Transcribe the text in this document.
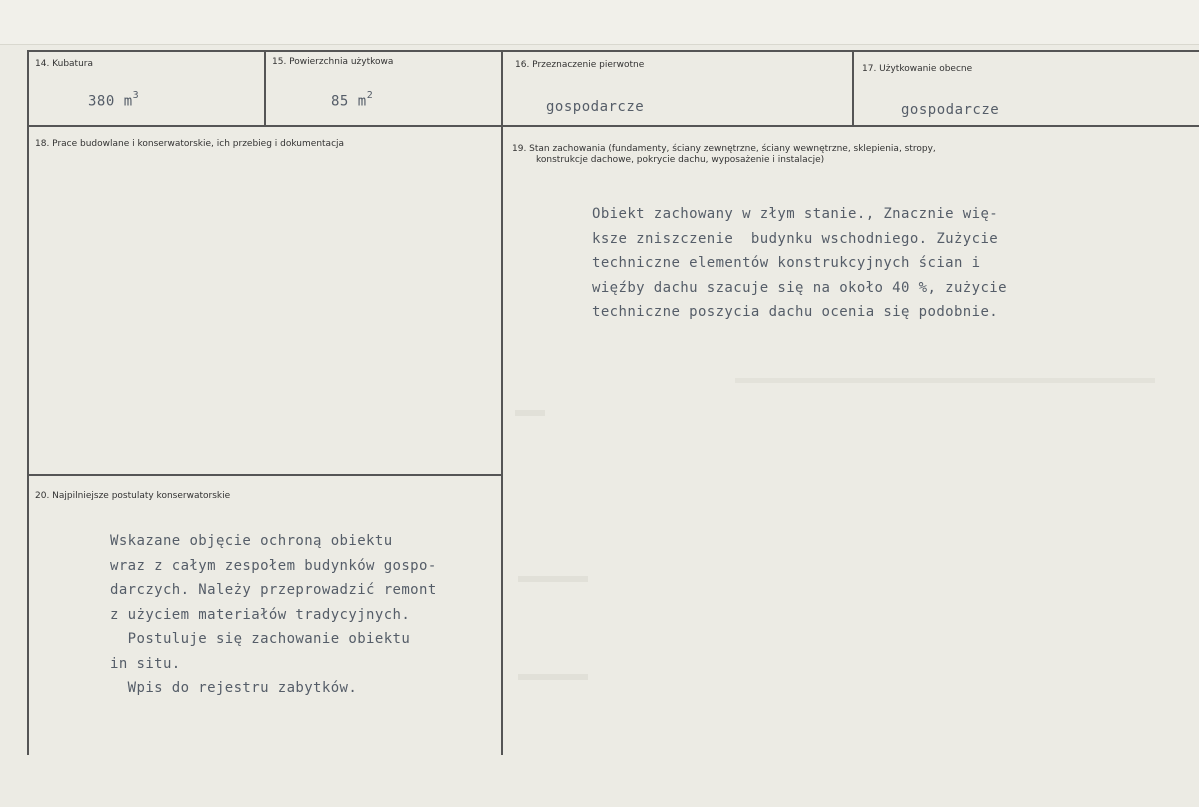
14. Kubatura
380 $m^3$
15. Powierzchnia użytkowa
85 $m^2$
16. Przeznaczenie pierwotne
gospodarcze
17. Użytkowanie obecne
gospodarcze
18. Prace budowlane i konserwatorskie, ich przebieg i dokumentacja	19. Stan zachowania (fundamenty, ściany zewnętrzne, ściany wewnętrzne, sklepienia, stropy,
konstrukcje dachowe, pokrycie dachu, wyposażenie i instalacje)
Obiekt zachowany w złym stanie., Znacznie wię-
ksze zniszczenie  budynku wschodniego. Zużycie
techniczne elementów konstrukcyjnych ścian i
więźby dachu szacuje się na około 40 %, zużycie
techniczne poszycia dachu ocenia się podobnie.
20. Najpilniejsze postulaty konserwatorskie
Wskazane objęcie ochroną obiektu
wraz z całym zespołem budynków gospo-
darczych. Należy przeprowadzić remont
z użyciem materiałów tradycyjnych.
Postuluje się zachowanie obiektu
in situ.
Wpis do rejestru zabytków.
